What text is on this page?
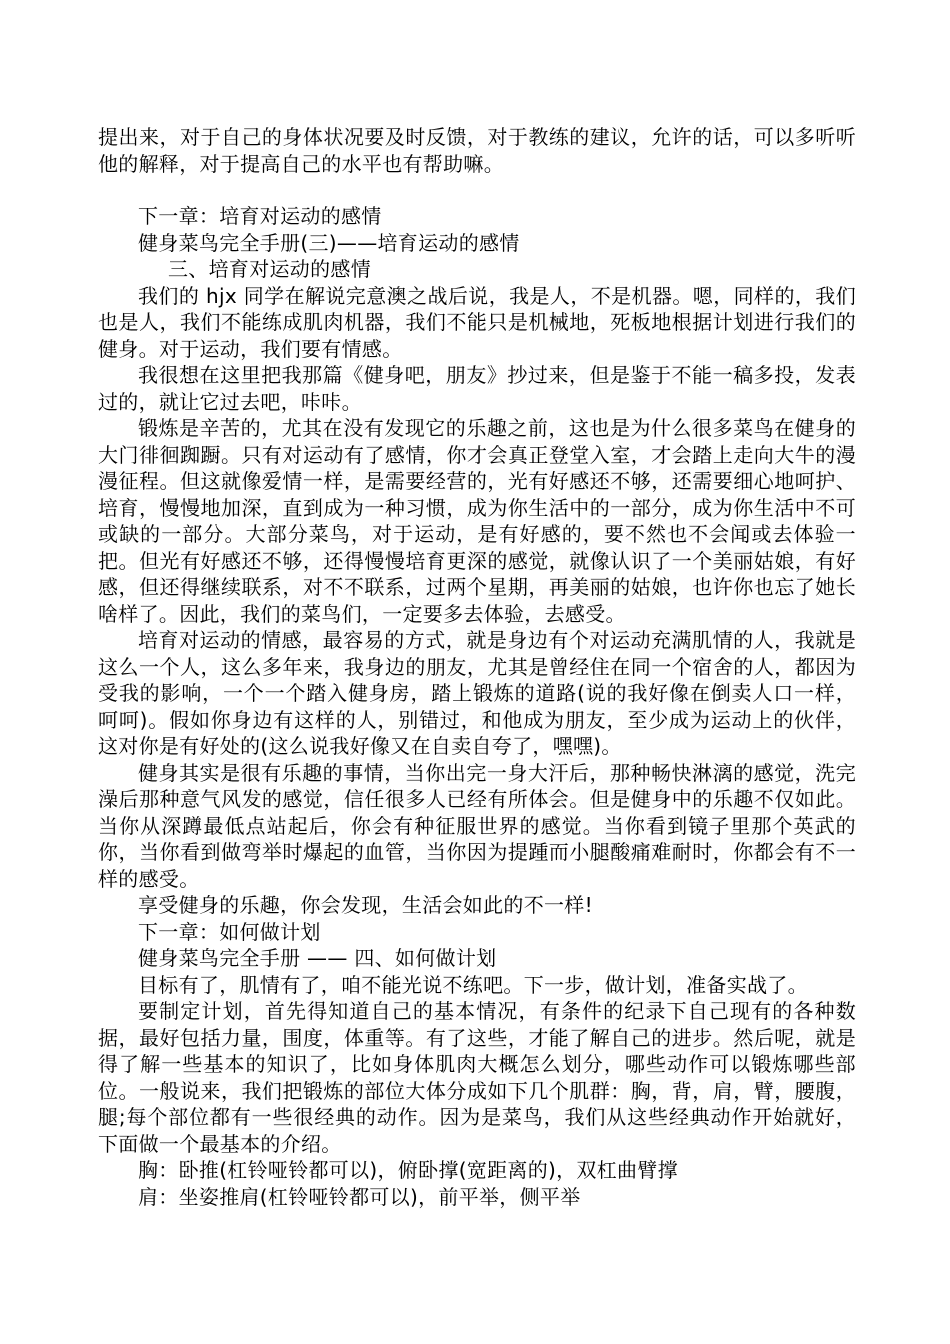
提出来，对于自己的身体状况要及时反馈，对于教练的建议，允许的话，可以多听听他的解释，对于提高自己的水平也有帮助嘛。

下一章：培育对运动的感情

健身菜鸟完全手册(三)——培育运动的感情

三、培育对运动的感情

我们的 hjx 同学在解说完意澳之战后说，我是人，不是机器。嗯，同样的，我们也是人，我们不能练成肌肉机器，我们不能只是机械地，死板地根据计划进行我们的健身。对于运动，我们要有情感。

我很想在这里把我那篇《健身吧，朋友》抄过来，但是鉴于不能一稿多投，发表过的，就让它过去吧，咔咔。

锻炼是辛苦的，尤其在没有发现它的乐趣之前，这也是为什么很多菜鸟在健身的大门徘徊踟蹰。只有对运动有了感情，你才会真正登堂入室，才会踏上走向大牛的漫漫征程。但这就像爱情一样，是需要经营的，光有好感还不够，还需要细心地呵护、培育，慢慢地加深，直到成为一种习惯，成为你生活中的一部分，成为你生活中不可或缺的一部分。大部分菜鸟，对于运动，是有好感的，要不然也不会闻或去体验一把。但光有好感还不够，还得慢慢培育更深的感觉，就像认识了一个美丽姑娘，有好感，但还得继续联系，对不不联系，过两个星期，再美丽的姑娘，也许你也忘了她长啥样了。因此，我们的菜鸟们，一定要多去体验，去感受。

培育对运动的情感，最容易的方式，就是身边有个对运动充满肌情的人，我就是这么一个人，这么多年来，我身边的朋友，尤其是曾经住在同一个宿舍的人，都因为受我的影响，一个一个踏入健身房，踏上锻炼的道路(说的我好像在倒卖人口一样，呵呵)。假如你身边有这样的人，别错过，和他成为朋友，至少成为运动上的伙伴，这对你是有好处的(这么说我好像又在自卖自夸了，嘿嘿)。

健身其实是很有乐趣的事情，当你出完一身大汗后，那种畅快淋漓的感觉，洗完澡后那种意气风发的感觉，信任很多人已经有所体会。但是健身中的乐趣不仅如此。当你从深蹲最低点站起后，你会有种征服世界的感觉。当你看到镜子里那个英武的你，当你看到做弯举时爆起的血管，当你因为提踵而小腿酸痛难耐时，你都会有不一样的感受。

享受健身的乐趣，你会发现，生活会如此的不一样!

下一章：如何做计划

健身菜鸟完全手册 —— 四、如何做计划

目标有了，肌情有了，咱不能光说不练吧。下一步，做计划，准备实战了。

要制定计划，首先得知道自己的基本情况，有条件的纪录下自己现有的各种数据，最好包括力量，围度，体重等。有了这些，才能了解自己的进步。然后呢，就是得了解一些基本的知识了，比如身体肌肉大概怎么划分，哪些动作可以锻炼哪些部位。一般说来，我们把锻炼的部位大体分成如下几个肌群：胸，背，肩，臂，腰腹，腿;每个部位都有一些很经典的动作。因为是菜鸟，我们从这些经典动作开始就好，下面做一个最基本的介绍。

胸：卧推(杠铃哑铃都可以)，俯卧撑(宽距离的)，双杠曲臂撑

肩：坐姿推肩(杠铃哑铃都可以)，前平举，侧平举
